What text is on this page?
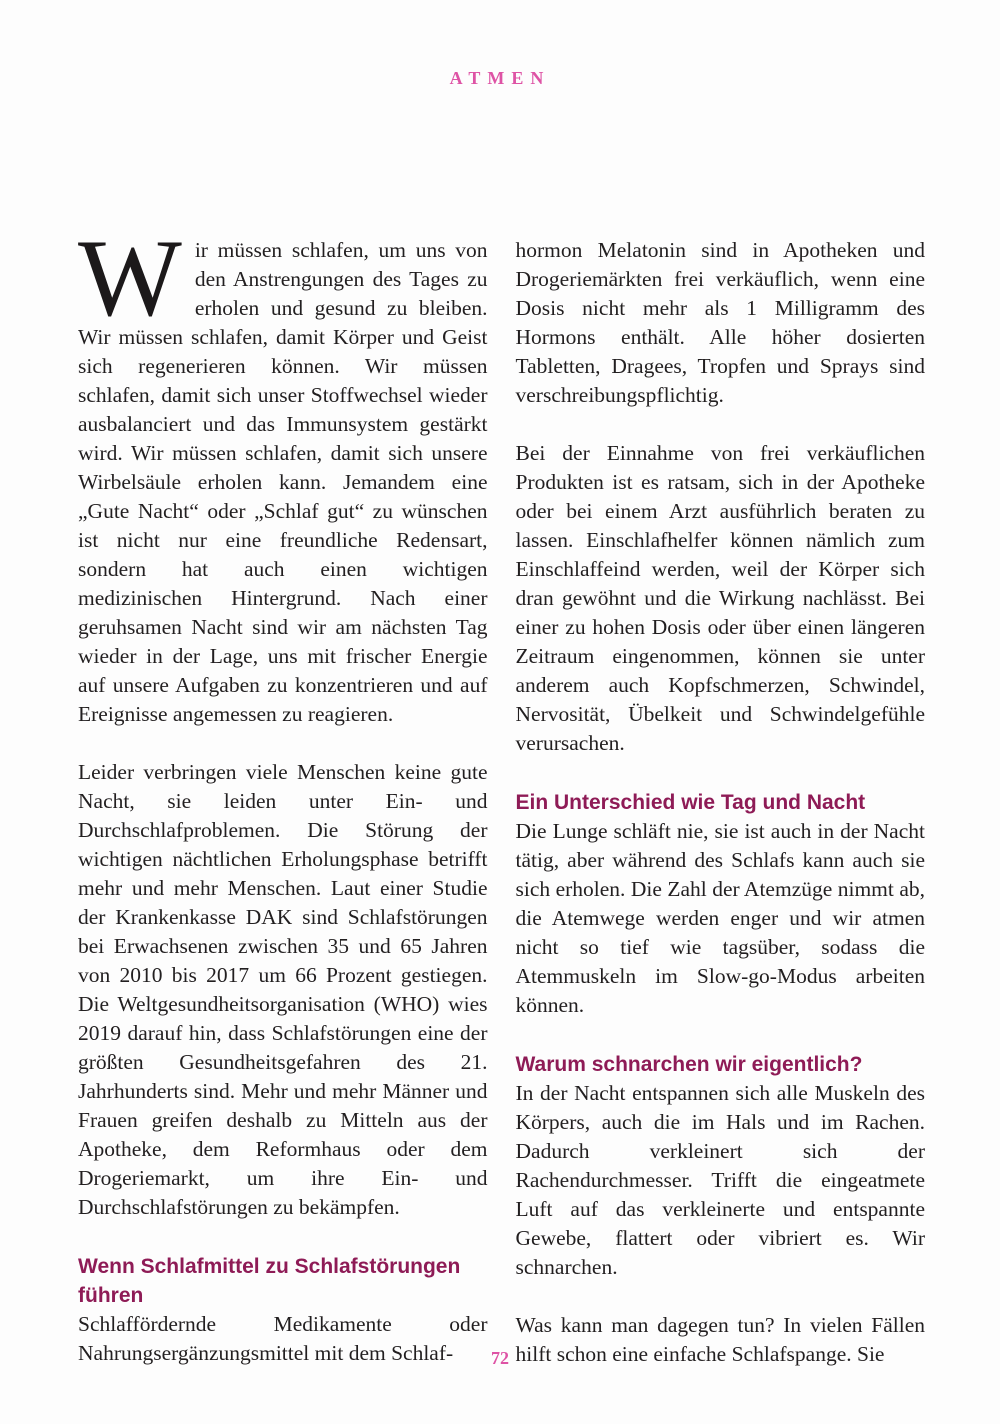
ATMEN

Wir müssen schlafen, um uns von den Anstrengungen des Tages zu erholen und gesund zu bleiben. Wir müssen schlafen, damit Körper und Geist sich regenerieren können. Wir müssen schlafen, damit sich unser Stoffwechsel wieder ausbalanciert und das Immunsystem gestärkt wird. Wir müssen schlafen, damit sich unsere Wirbelsäule erholen kann. Jemandem eine „Gute Nacht“ oder „Schlaf gut“ zu wünschen ist nicht nur eine freundliche Redensart, sondern hat auch einen wichtigen medizinischen Hintergrund. Nach einer geruhsamen Nacht sind wir am nächsten Tag wieder in der Lage, uns mit frischer Energie auf unsere Aufgaben zu konzentrieren und auf Ereignisse angemessen zu reagieren.

Leider verbringen viele Menschen keine gute Nacht, sie leiden unter Ein- und Durchschlafproblemen. Die Störung der wichtigen nächtlichen Erholungsphase betrifft mehr und mehr Menschen. Laut einer Studie der Krankenkasse DAK sind Schlafstörungen bei Erwachsenen zwischen 35 und 65 Jahren von 2010 bis 2017 um 66 Prozent gestiegen. Die Weltgesundheitsorganisation (WHO) wies 2019 darauf hin, dass Schlafstörungen eine der größten Gesundheitsgefahren des 21. Jahrhunderts sind. Mehr und mehr Männer und Frauen greifen deshalb zu Mitteln aus der Apotheke, dem Reformhaus oder dem Drogeriemarkt, um ihre Ein- und Durchschlafstörungen zu bekämpfen.

Wenn Schlafmittel zu Schlafstörungen führen

Schlaffördernde Medikamente oder Nahrungsergänzungsmittel mit dem Schlaf-

hormon Melatonin sind in Apotheken und Drogeriemärkten frei verkäuflich, wenn eine Dosis nicht mehr als 1 Milligramm des Hormons enthält. Alle höher dosierten Tabletten, Dragees, Tropfen und Sprays sind verschreibungspflichtig.

Bei der Einnahme von frei verkäuflichen Produkten ist es ratsam, sich in der Apotheke oder bei einem Arzt ausführlich beraten zu lassen. Einschlafhelfer können nämlich zum Einschlaffeind werden, weil der Körper sich dran gewöhnt und die Wirkung nachlässt. Bei einer zu hohen Dosis oder über einen längeren Zeitraum eingenommen, können sie unter anderem auch Kopfschmerzen, Schwindel, Nervosität, Übelkeit und Schwindelgefühle verursachen.

Ein Unterschied wie Tag und Nacht

Die Lunge schläft nie, sie ist auch in der Nacht tätig, aber während des Schlafs kann auch sie sich erholen. Die Zahl der Atemzüge nimmt ab, die Atemwege werden enger und wir atmen nicht so tief wie tagsüber, sodass die Atemmuskeln im Slow-go-Modus arbeiten können.

Warum schnarchen wir eigentlich?

In der Nacht entspannen sich alle Muskeln des Körpers, auch die im Hals und im Rachen. Dadurch verkleinert sich der Rachendurchmesser. Trifft die eingeatmete Luft auf das verkleinerte und entspannte Gewebe, flattert oder vibriert es. Wir schnarchen.

Was kann man dagegen tun? In vielen Fällen hilft schon eine einfache Schlafspange. Sie

72
